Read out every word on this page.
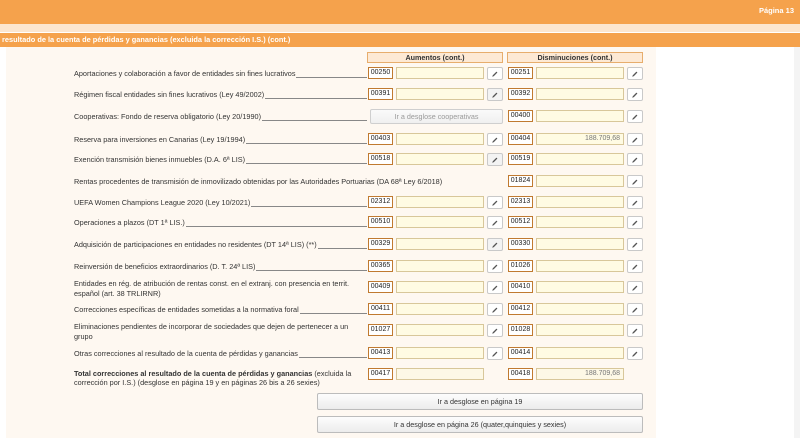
Página 13
resultado de la cuenta de pérdidas y ganancias (excluida la corrección I.S.) (cont.)
Aumentos (cont.)	Disminuciones (cont.)
Aportaciones y colaboración a favor de entidades sin fines lucrativos	00250	00251
Régimen fiscal entidades sin fines lucrativos (Ley 49/2002)	00391	00392
Cooperativas: Fondo de reserva obligatorio (Ley 20/1990)	Ir a desglose cooperativas	00400
Reserva para inversiones en Canarias (Ley 19/1994)	00403	00404	188.709,68
Exención transmisión bienes inmuebles (D.A. 6ª LIS)	00518	00519
Rentas procedentes de transmisión de inmovilizado obtenidas por las Autoridades Portuarias (DA 68ª Ley 6/2018)	01824
UEFA Women Champions League 2020 (Ley 10/2021)	02312	02313
Operaciones a plazos (DT 1ª LIS.)	00510	00512
Adquisición de participaciones en entidades no residentes (DT 14ª LIS) (**)	00329	00330
Reinversión de beneficios extraordinarios (D. T. 24ª LIS)	00365	01026
Entidades en rég. de atribución de rentas const. en el extranj. con presencia en territ.
español (art. 38 TRLIRNR)
00409	00410
Correcciones específicas de entidades sometidas a la normativa foral	00411	00412
Eliminaciones pendientes de incorporar de sociedades que dejen de pertenecer a un
grupo
01027	01028
Otras correcciones al resultado de la cuenta de pérdidas y ganancias	00413	00414
Total correcciones al resultado de la cuenta de pérdidas y ganancias (excluida la
corrección por I.S.) (desglose en página 19 y en páginas 26 bis a 26 sexies)
00417	00418	188.709,68
Ir a desglose en página 19
Ir a desglose en página 26 (quater,quinquies y sexies)
